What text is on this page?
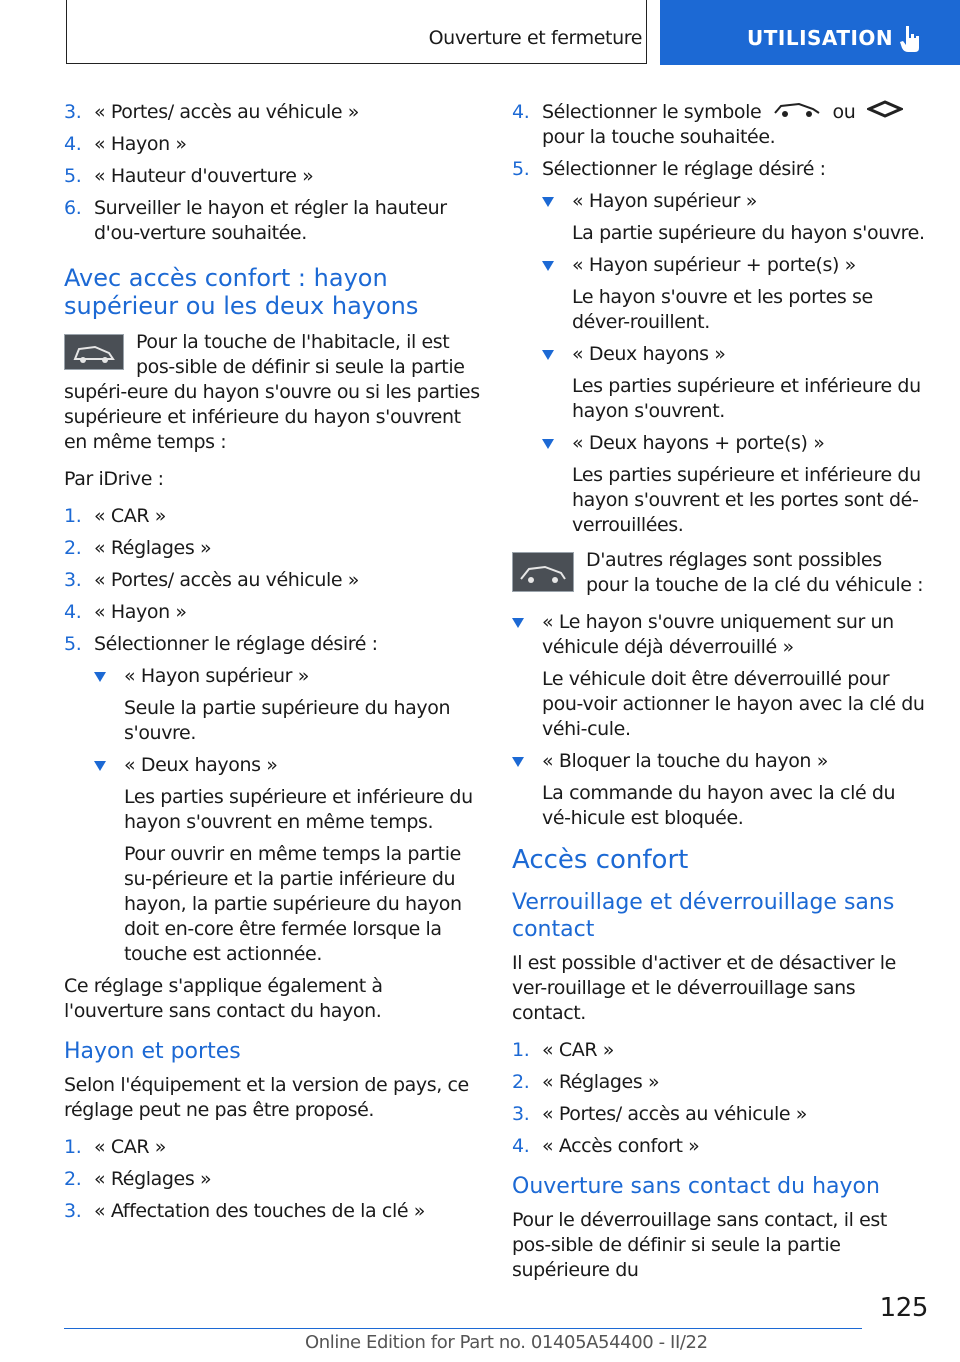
Ouverture et fermeture	UTILISATION
3. « Portes/ accès au véhicule »
4. « Hayon »
5. « Hauteur d'ouverture »
6. Surveiller le hayon et régler la hauteur d'ou-verture souhaitée.
Avec accès confort : hayon supérieur ou les deux hayons
Pour la touche de l'habitacle, il est pos-sible de définir si seule la partie supéri-eure du hayon s'ouvre ou si les parties supérieure et inférieure du hayon s'ouvrent en même temps :
Par iDrive :
1. « CAR »
2. « Réglages »
3. « Portes/ accès au véhicule »
4. « Hayon »
5. Sélectionner le réglage désiré :
« Hayon supérieur »
Seule la partie supérieure du hayon s'ouvre.
« Deux hayons »
Les parties supérieure et inférieure du hayon s'ouvrent en même temps.
Pour ouvrir en même temps la partie su-périeure et la partie inférieure du hayon, la partie supérieure du hayon doit en-core être fermée lorsque la touche est actionnée.
Ce réglage s'applique également à l'ouverture sans contact du hayon.
Hayon et portes
Selon l'équipement et la version de pays, ce réglage peut ne pas être proposé.
1. « CAR »
2. « Réglages »
3. « Affectation des touches de la clé »
4. Sélectionner le symbole	ou
pour la touche souhaitée.
5. Sélectionner le réglage désiré :
« Hayon supérieur »
La partie supérieure du hayon s'ouvre.
« Hayon supérieur + porte(s) »
Le hayon s'ouvre et les portes se déver-rouillent.
« Deux hayons »
Les parties supérieure et inférieure du hayon s'ouvrent.
« Deux hayons + porte(s) »
Les parties supérieure et inférieure du hayon s'ouvrent et les portes sont dé-verrouillées.
D'autres réglages sont possibles pour la touche de la clé du véhicule :
« Le hayon s'ouvre uniquement sur un véhicule déjà déverrouillé »
Le véhicule doit être déverrouillé pour pou-voir actionner le hayon avec la clé du véhi-cule.
« Bloquer la touche du hayon »
La commande du hayon avec la clé du vé-hicule est bloquée.
Accès confort
Verrouillage et déverrouillage sans contact
Il est possible d'activer et de désactiver le ver-rouillage et le déverrouillage sans contact.
1. « CAR »
2. « Réglages »
3. « Portes/ accès au véhicule »
4. « Accès confort »
Ouverture sans contact du hayon
Pour le déverrouillage sans contact, il est pos-sible de définir si seule la partie supérieure du
125
Online Edition for Part no. 01405A54400 - II/22
